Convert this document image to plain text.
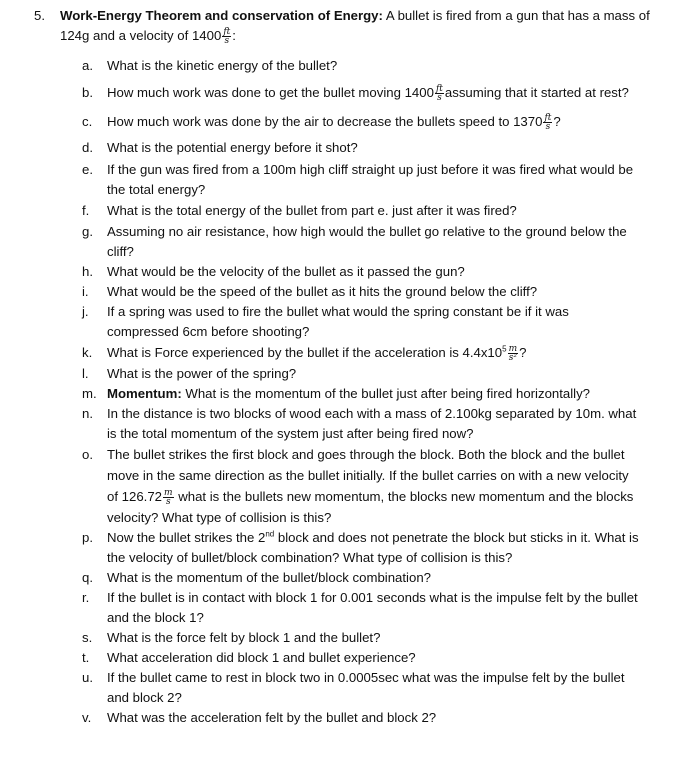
5.	Work-Energy Theorem and conservation of Energy: A bullet is fired from a gun that has a mass of 124g and a velocity of $1400 \frac{ft}{s}$ :
a.	What is the kinetic energy of the bullet?
b.	How much work was done to get the bullet moving $1400 \frac{ft}{s}$ assuming that it started at rest?
c.	How much work was done by the air to decrease the bullets speed to $1370 \frac{ft}{s}$ ?
d.	What is the potential energy before it shot?
e.	If the gun was fired from a 100m high cliff straight up just before it was fired what would be the total energy?
f.	What is the total energy of the bullet from part e. just after it was fired?
g.	Assuming no air resistance, how high would the bullet go relative to the ground below the cliff?
h.	What would be the velocity of the bullet as it passed the gun?
i.	What would be the speed of the bullet as it hits the ground below the cliff?
j.	If a spring was used to fire the bullet what would the spring constant be if it was compressed 6cm before shooting?
k.	What is Force experienced by the bullet if the acceleration is $4.4x10^5 \frac{m}{\text{s²}}$ ?
l.	What is the power of the spring?
m. Momentum: What is the momentum of the bullet just after being fired horizontally?
n.	In the distance is two blocks of wood each with a mass of 2.100kg separated by 10m. what is the total momentum of the system just after being fired now?
o.	The bullet strikes the first block and goes through the block. Both the block and the bullet move in the same direction as the bullet initially. If the bullet carries on with a new velocity of $126.72 \frac{m}{s}$ what is the bullets new momentum, the blocks new momentum and the blocks velocity? What type of collision is this?
p.	Now the bullet strikes the 2nd block and does not penetrate the block but sticks in it. What is the velocity of bullet/block combination? What type of collision is this?
q.	What is the momentum of the bullet/block combination?
r.	If the bullet is in contact with block 1 for 0.001 seconds what is the impulse felt by the bullet and the block 1?
s.	What is the force felt by block 1 and the bullet?
t.	What acceleration did block 1 and bullet experience?
u.	If the bullet came to rest in block two in 0.0005sec what was the impulse felt by the bullet and block 2?
v.	What was the acceleration felt by the bullet and block 2?
